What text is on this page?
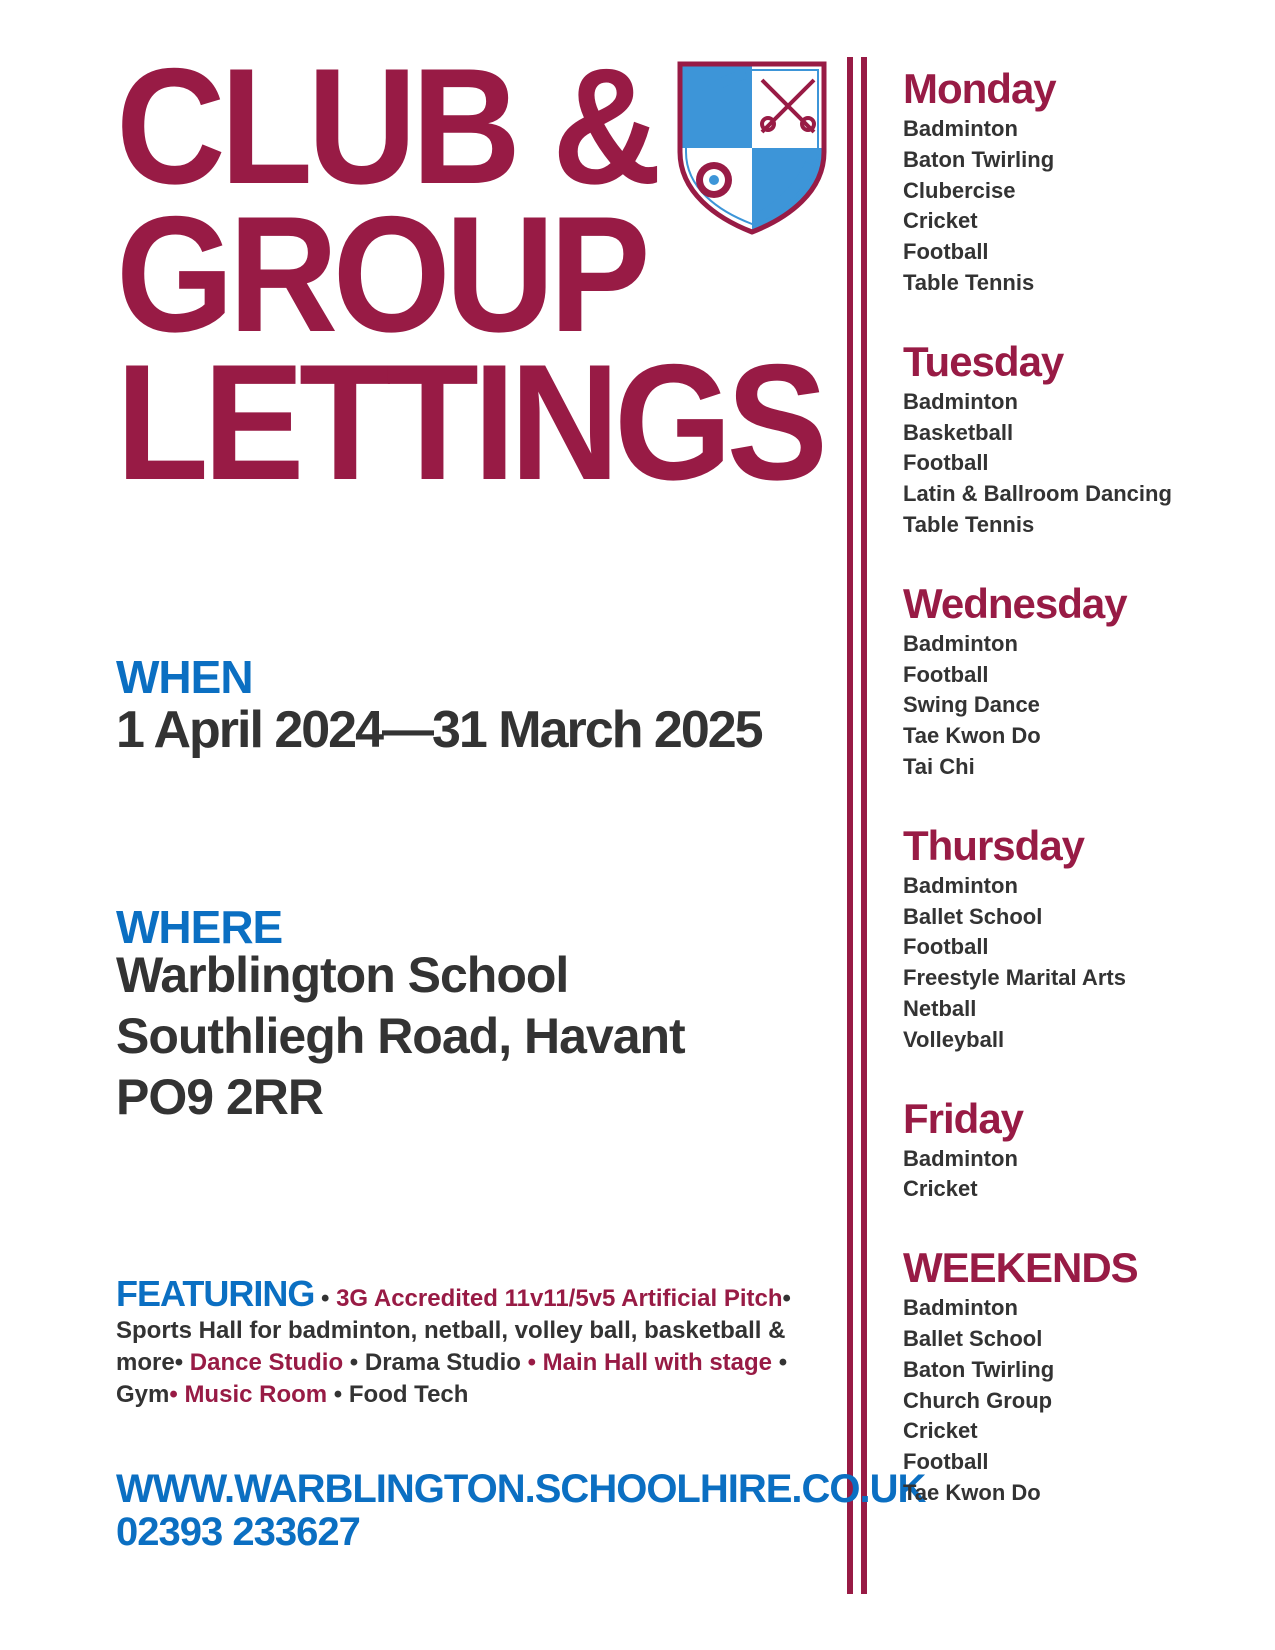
CLUB &
GROUP
LETTINGS
WHEN
1 April 2024—31 March 2025
WHERE
Warblington School
Southliegh Road, Havant
PO9 2RR
FEATURING • 3G Accredited 11v11/5v5 Artificial Pitch• Sports Hall for badminton, netball, volley ball, basketball & more• Dance Studio • Drama Studio • Main Hall with stage • Gym• Music Room • Food Tech
WWW.WARBLINGTON.SCHOOLHIRE.CO.UK
02393 233627
Monday
Badminton
Baton Twirling
Clubercise
Cricket
Football
Table Tennis
Tuesday
Badminton
Basketball
Football
Latin & Ballroom Dancing
Table Tennis
Wednesday
Badminton
Football
Swing Dance
Tae Kwon Do
Tai Chi
Thursday
Badminton
Ballet School
Football
Freestyle Marital Arts
Netball
Volleyball
Friday
Badminton
Cricket
WEEKENDS
Badminton
Ballet School
Baton Twirling
Church Group
Cricket
Football
Tae Kwon Do
